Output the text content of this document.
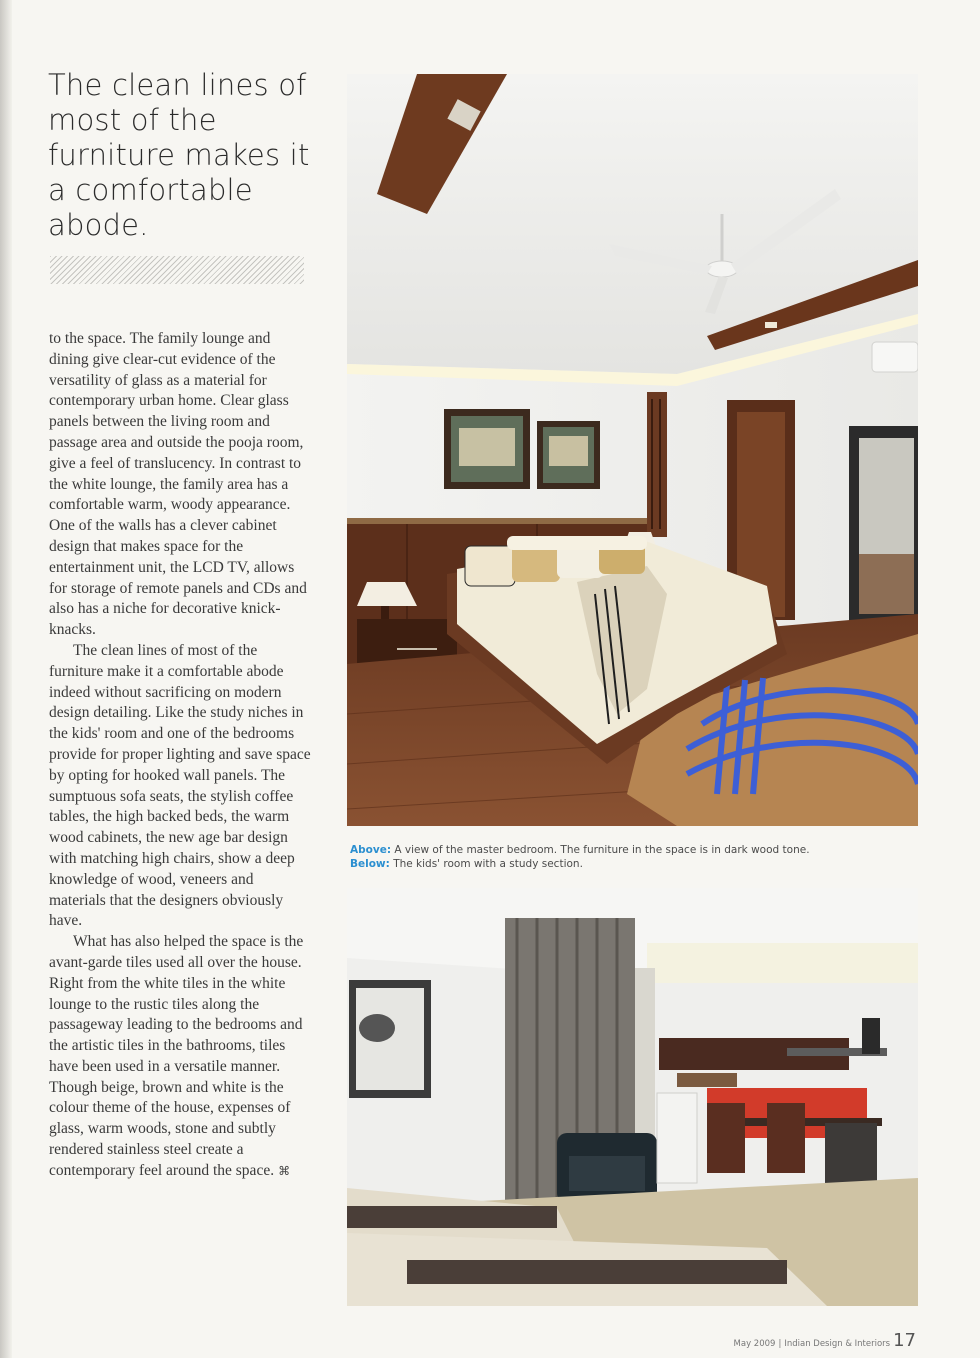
The clean lines of most of the furniture makes it a comfortable abode.

to the space. The family lounge and dining give clear-cut evidence of the versatility of glass as a material for contemporary urban home. Clear glass panels between the living room and passage area and outside the pooja room, give a feel of translucency. In contrast to the white lounge, the family area has a comfortable warm, woody appearance. One of the walls has a clever cabinet design that makes space for the entertainment unit, the LCD TV, allows for storage of remote panels and CDs and also has a niche for decorative knick-knacks.

The clean lines of most of the furniture make it a comfortable abode indeed without sacrificing on modern design detailing. Like the study niches in the kids' room and one of the bedrooms provide for proper lighting and save space by opting for hooked wall panels. The sumptuous sofa seats, the stylish coffee tables, the high backed beds, the warm wood cabinets, the new age bar design with matching high chairs, show a deep knowledge of wood, veneers and materials that the designers obviously have.

What has also helped the space is the avant-garde tiles used all over the house. Right from the white tiles in the white lounge to the rustic tiles along the passageway leading to the bedrooms and the artistic tiles in the bathrooms, tiles have been used in a versatile manner. Though beige, brown and white is the colour theme of the house, expenses of glass, warm woods, stone and subtly rendered stainless steel create a contemporary feel around the space. ⌘

Above: A view of the master bedroom. The furniture in the space is in dark wood tone.
Below: The kids' room with a study section.
May 2009 | Indian Design & Interiors 17
